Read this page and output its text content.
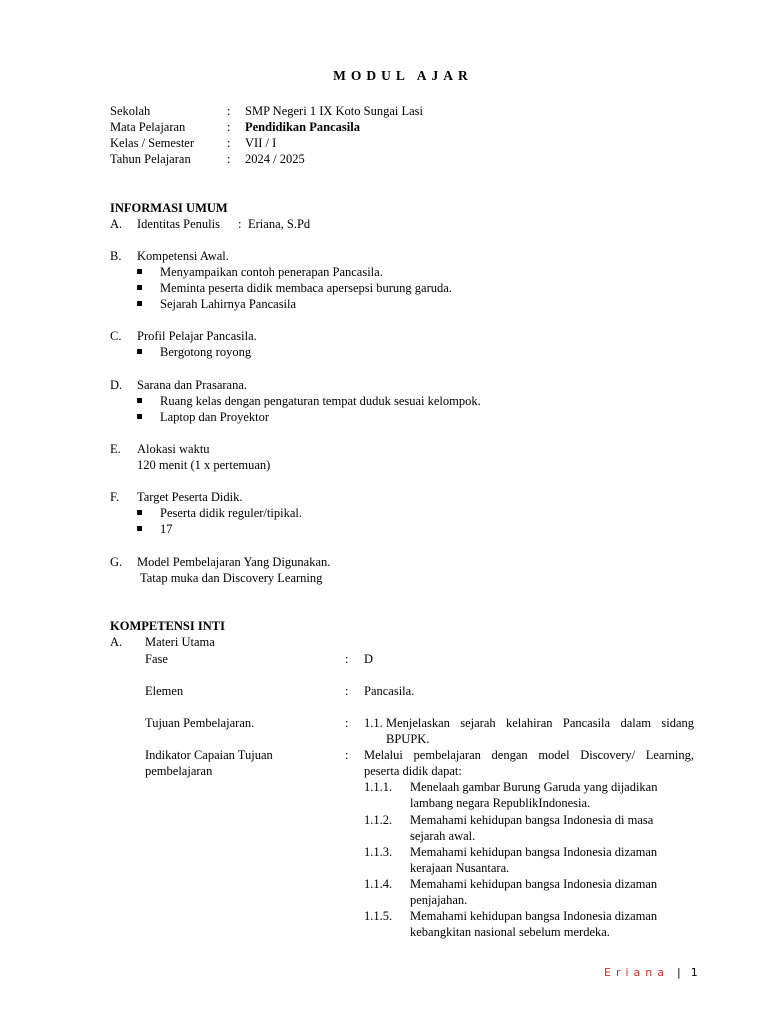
MODUL AJAR
Sekolah	: SMP Negeri 1 IX Koto Sungai Lasi
Mata Pelajaran	: Pendidikan Pancasila
Kelas / Semester	: VII / I
Tahun Pelajaran	: 2024 / 2025
INFORMASI UMUM
A. Identitas Penulis : Eriana, S.Pd
B. Kompetensi Awal.
Menyampaikan contoh penerapan Pancasila.
Meminta peserta didik membaca apersepsi burung garuda.
Sejarah Lahirnya Pancasila
C. Profil Pelajar Pancasila.
Bergotong royong
D. Sarana dan Prasarana.
Ruang kelas dengan pengaturan tempat duduk sesuai kelompok.
Laptop dan Proyektor
E. Alokasi waktu
120 menit (1 x pertemuan)
F. Target Peserta Didik.
Peserta didik reguler/tipikal.
17
G. Model Pembelajaran Yang Digunakan.
Tatap muka dan Discovery Learning
KOMPETENSI INTI
A. Materi Utama
Fase	: D
Elemen	: Pancasila.
Tujuan Pembelajaran.	: 1.1. Menjelaskan sejarah kelahiran Pancasila dalam sidang
BPUPK.
Indikator Capaian Tujuan
pembelajaran
: Melalui pembelajaran dengan model Discovery/ Learning,
peserta didik dapat:
1.1.1. Menelaah gambar Burung Garuda yang dijadikan
lambang negara RepublikIndonesia.
1.1.2. Memahami kehidupan bangsa Indonesia di masa
sejarah awal.
1.1.3. Memahami kehidupan bangsa Indonesia dizaman
kerajaan Nusantara.
1.1.4. Memahami kehidupan bangsa Indonesia dizaman
penjajahan.
1.1.5. Memahami kehidupan bangsa Indonesia dizaman
kebangkitan nasional sebelum merdeka.
Eriana | 1
